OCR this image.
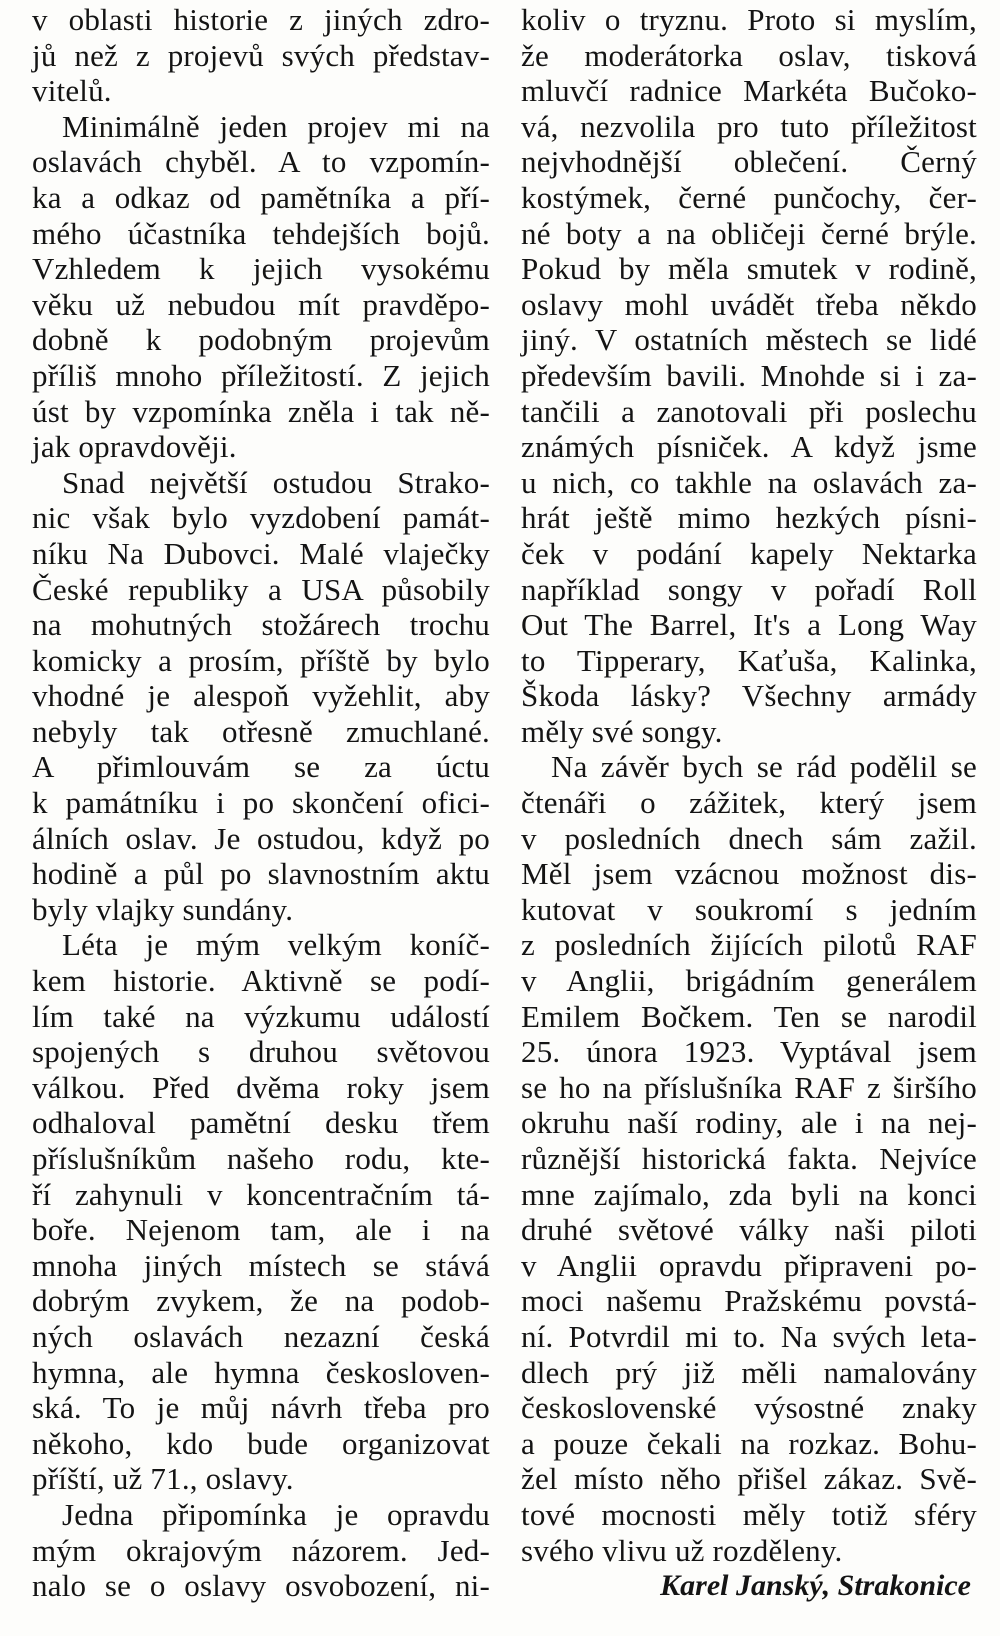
v oblasti historie z jiných zdro-
jů než z projevů svých představ-
vitelů.
Minimálně jeden projev mi na
oslavách chyběl. A to vzpomín-
ka a odkaz od pamětníka a pří-
mého účastníka tehdejších bojů.
Vzhledem k jejich vysokému
věku už nebudou mít pravděpo-
dobně k podobným projevům
příliš mnoho příležitostí. Z jejich
úst by vzpomínka zněla i tak ně-
jak opravdověji.
Snad největší ostudou Strako-
nic však bylo vyzdobení památ-
níku Na Dubovci. Malé vlaječky
České republiky a USA působily
na mohutných stožárech trochu
komicky a prosím, příště by bylo
vhodné je alespoň vyžehlit, aby
nebyly tak otřesně zmuchlané.
A přimlouvám se za úctu
k památníku i po skončení ofici-
álních oslav. Je ostudou, když po
hodině a půl po slavnostním aktu
byly vlajky sundány.
Léta je mým velkým koníč-
kem historie. Aktivně se podí-
lím také na výzkumu událostí
spojených s druhou světovou
válkou. Před dvěma roky jsem
odhaloval pamětní desku třem
příslušníkům našeho rodu, kte-
ří zahynuli v koncentračním tá-
boře. Nejenom tam, ale i na
mnoha jiných místech se stává
dobrým zvykem, že na podob-
ných oslavách nezazní česká
hymna, ale hymna českosloven-
ská. To je můj návrh třeba pro
někoho, kdo bude organizovat
příští, už 71., oslavy.
Jedna připomínka je opravdu
mým okrajovým názorem. Jed-
nalo se o oslavy osvobození, ni-
koliv o tryznu. Proto si myslím,
že moderátorka oslav, tisková
mluvčí radnice Markéta Bučoko-
vá, nezvolila pro tuto příležitost
nejvhodnější oblečení. Černý
kostýmek, černé punčochy, čer-
né boty a na obličeji černé brýle.
Pokud by měla smutek v rodině,
oslavy mohl uvádět třeba někdo
jiný. V ostatních městech se lidé
především bavili. Mnohde si i za-
tančili a zanotovali při poslechu
známých písniček. A když jsme
u nich, co takhle na oslavách za-
hrát ještě mimo hezkých písni-
ček v podání kapely Nektarka
například songy v pořadí Roll
Out The Barrel, It's a Long Way
to Tipperary, Kaťuša, Kalinka,
Škoda lásky? Všechny armády
měly své songy.
Na závěr bych se rád podělil se
čtenáři o zážitek, který jsem
v posledních dnech sám zažil.
Měl jsem vzácnou možnost dis-
kutovat v soukromí s jedním
z posledních žijících pilotů RAF
v Anglii, brigádním generálem
Emilem Bočkem. Ten se narodil
25. února 1923. Vyptával jsem
se ho na příslušníka RAF z širšího
okruhu naší rodiny, ale i na nej-
různější historická fakta. Nejvíce
mne zajímalo, zda byli na konci
druhé světové války naši piloti
v Anglii opravdu připraveni po-
moci našemu Pražskému povstá-
ní. Potvrdil mi to. Na svých leta-
dlech prý již měli namalovány
československé výsostné znaky
a pouze čekali na rozkaz. Bohu-
žel místo něho přišel zákaz. Svě-
tové mocnosti měly totiž sféry
svého vlivu už rozděleny.
Karel Janský, Strakonice
